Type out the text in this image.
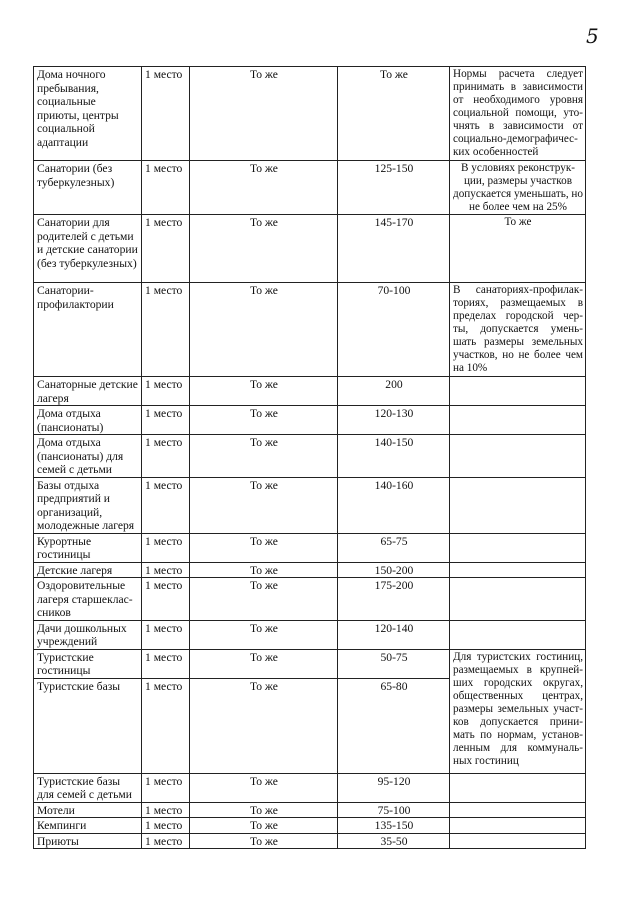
5
Дома ночного пребывания, социальные приюты, центры социальной адаптации	1 место	То же	То же	Нормы расчета следует принимать в зависимости от необходимого уровня социальной помощи, уто-чнять в зависимости от социально-демографичес-ких особенностей
Санатории (без туберкулезных)	1 место	То же	125-150	В условиях реконструк-ции, размеры участков допускается уменьшать, но не более чем на 25%
Санатории для родителей с детьми и детские санатории (без туберкулезных)	1 место	То же	145-170	То же
Санатории-профилактории	1 место	То же	70-100	В санаториях-профилак-ториях, размещаемых в пределах городской чер-ты, допускается умень-шать размеры земельных участков, но не более чем на 10%
Санаторные детские лагеря	1 место	То же	200	
Дома отдыха (пансионаты)	1 место	То же	120-130	
Дома отдыха (пансионаты) для семей с детьми	1 место	То же	140-150	
Базы отдыха предприятий и организаций, молодежные лагеря	1 место	То же	140-160	
Курортные гостиницы	1 место	То же	65-75	
Детские лагеря	1 место	То же	150-200	
Оздоровительные лагеря старшеклас-сников	1 место	То же	175-200	
Дачи дошкольных учреждений	1 место	То же	120-140	
Туристские гостиницы	1 место	То же	50-75	Для туристских гостиниц, размещаемых в крупней-ших городских округах, общественных центрах, размеры земельных участ-ков допускается прини-мать по нормам, установ-ленным для коммуналь-ных гостиниц
Туристские базы	1 место	То же	65-80	
Туристские базы для семей с детьми	1 место	То же	95-120	
Мотели	1 место	То же	75-100	
Кемпинги	1 место	То же	135-150	
Приюты	1 место	То же	35-50	
